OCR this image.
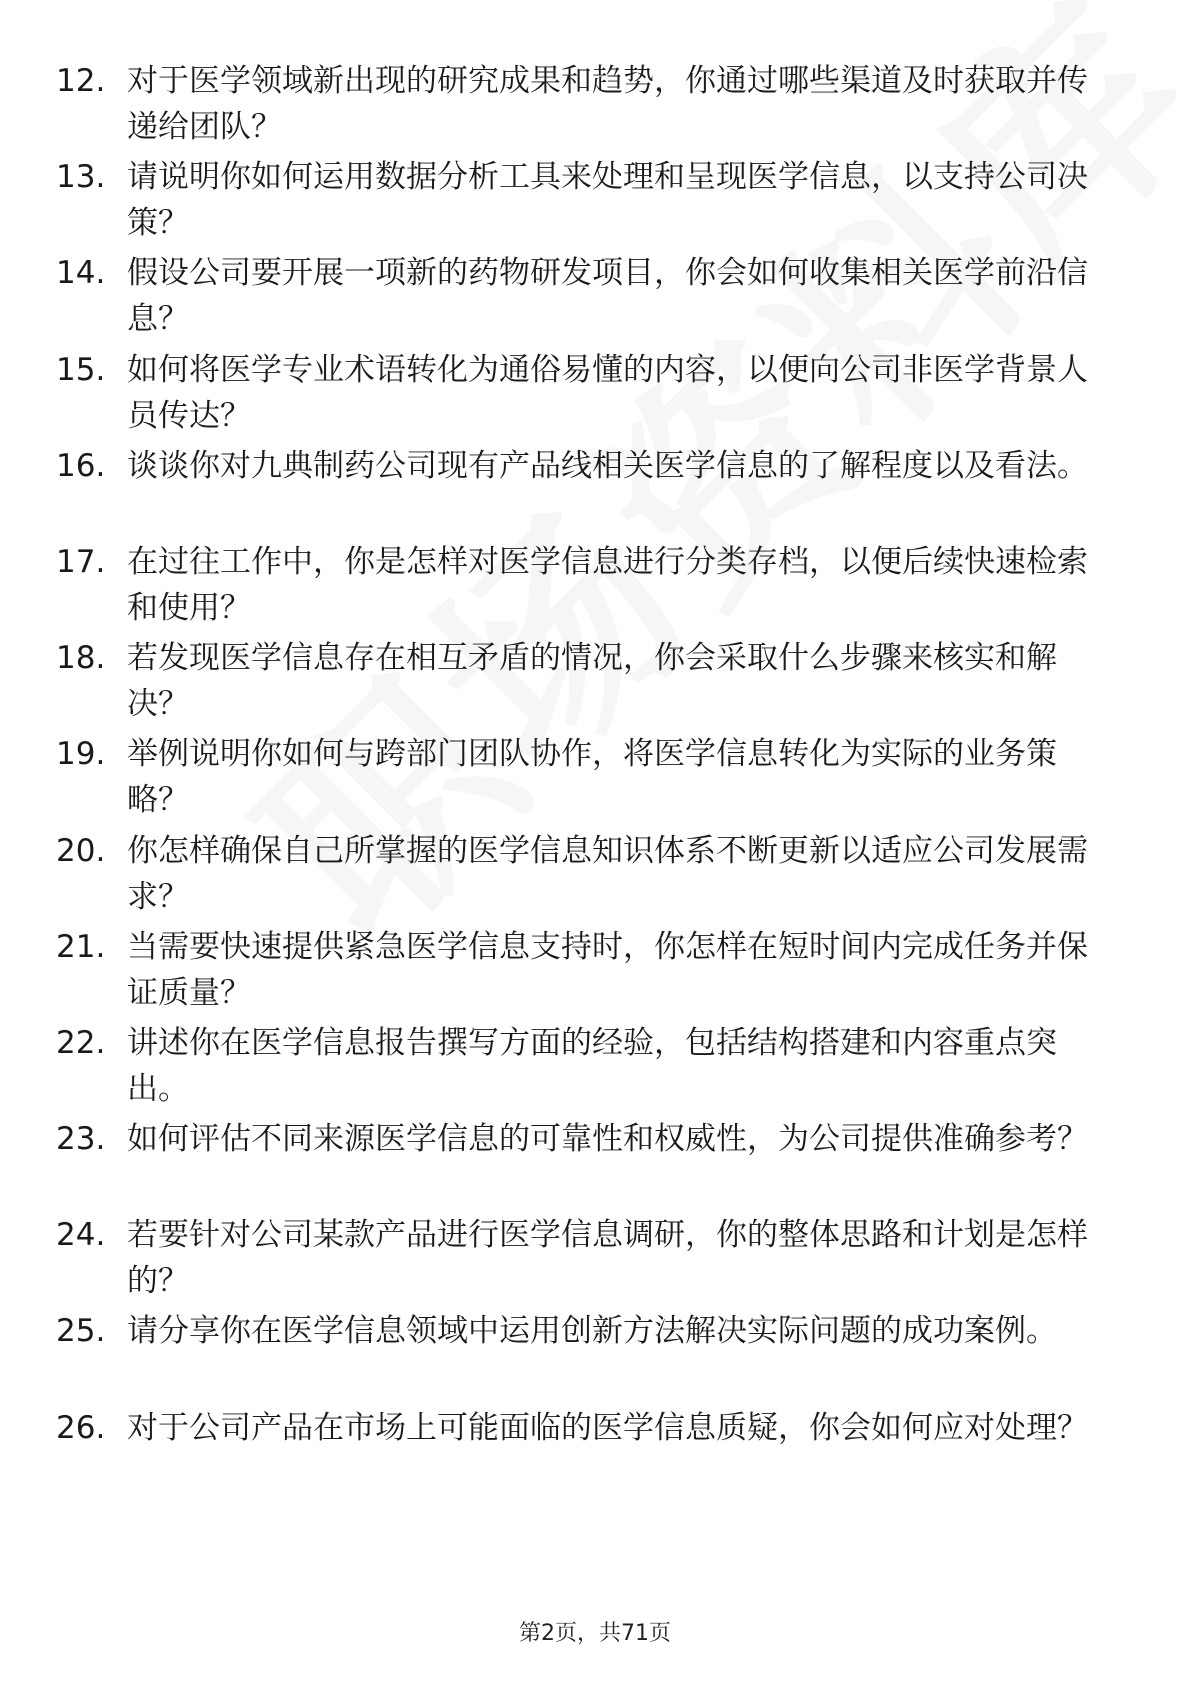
12. 对于医学领域新出现的研究成果和趋势，你通过哪些渠道及时获取并传递给团队？
13. 请说明你如何运用数据分析工具来处理和呈现医学信息，以支持公司决策？
14. 假设公司要开展一项新的药物研发项目，你会如何收集相关医学前沿信息？
15. 如何将医学专业术语转化为通俗易懂的内容，以便向公司非医学背景人员传达？
16. 谈谈你对九典制药公司现有产品线相关医学信息的了解程度以及看法。
17. 在过往工作中，你是怎样对医学信息进行分类存档，以便后续快速检索和使用？
18. 若发现医学信息存在相互矛盾的情况，你会采取什么步骤来核实和解决？
19. 举例说明你如何与跨部门团队协作，将医学信息转化为实际的业务策略？
20. 你怎样确保自己所掌握的医学信息知识体系不断更新以适应公司发展需求？
21. 当需要快速提供紧急医学信息支持时，你怎样在短时间内完成任务并保证质量？
22. 讲述你在医学信息报告撰写方面的经验，包括结构搭建和内容重点突出。
23. 如何评估不同来源医学信息的可靠性和权威性，为公司提供准确参考？
24. 若要针对公司某款产品进行医学信息调研，你的整体思路和计划是怎样的？
25. 请分享你在医学信息领域中运用创新方法解决实际问题的成功案例。
26. 对于公司产品在市场上可能面临的医学信息质疑，你会如何应对处理？
第2页，共71页
